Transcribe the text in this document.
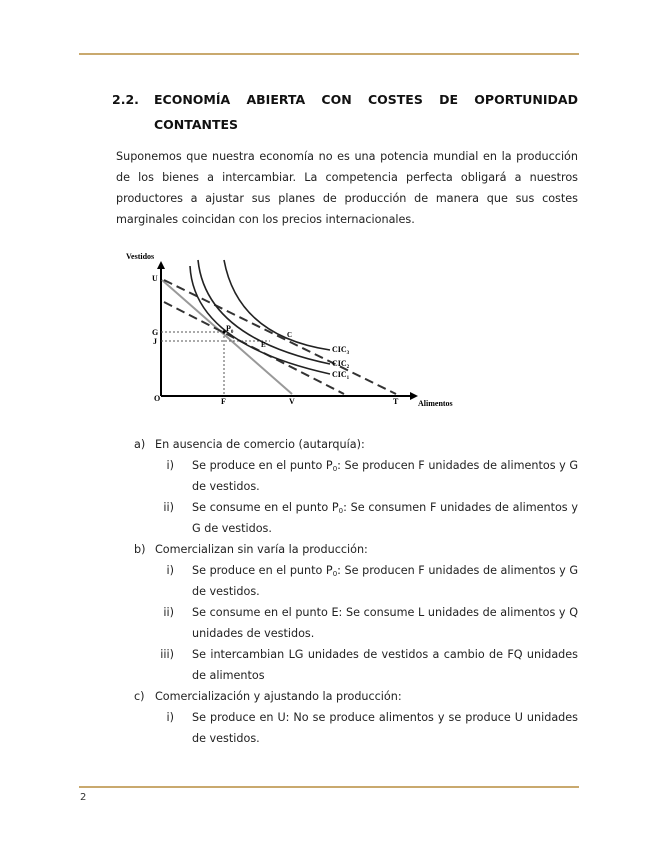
2.2. ECONOMÍA ABIERTA CON COSTES DE OPORTUNIDAD
CONTANTES

Suponemos que nuestra economía no es una potencia mundial en la producción de los bienes a intercambiar. La competencia perfecta obligará a nuestros productores a ajustar sus planes de producción de manera que sus costes marginales coincidan con los precios internacionales.

Vestidos
Alimentos
O
U
G
J
F	V	T
$P_0$
E
C
$CIC_3$
$CIC_2$
$CIC_1$
a) En ausencia de comercio (autarquía):
i) Se produce en el punto $P_0$: Se producen F unidades de alimentos y G de vestidos.
ii) Se consume en el punto $P_0$: Se consumen F unidades de alimentos y G de vestidos.
b) Comercializan sin varía la producción:
i) Se produce en el punto $P_0$: Se producen F unidades de alimentos y G de vestidos.
ii) Se consume en el punto E: Se consume L unidades de alimentos y Q unidades de vestidos.
iii) Se intercambian LG unidades de vestidos a cambio de FQ unidades de alimentos
c) Comercialización y ajustando la producción:
i) Se produce en U: No se produce alimentos y se produce U unidades de vestidos.
2
